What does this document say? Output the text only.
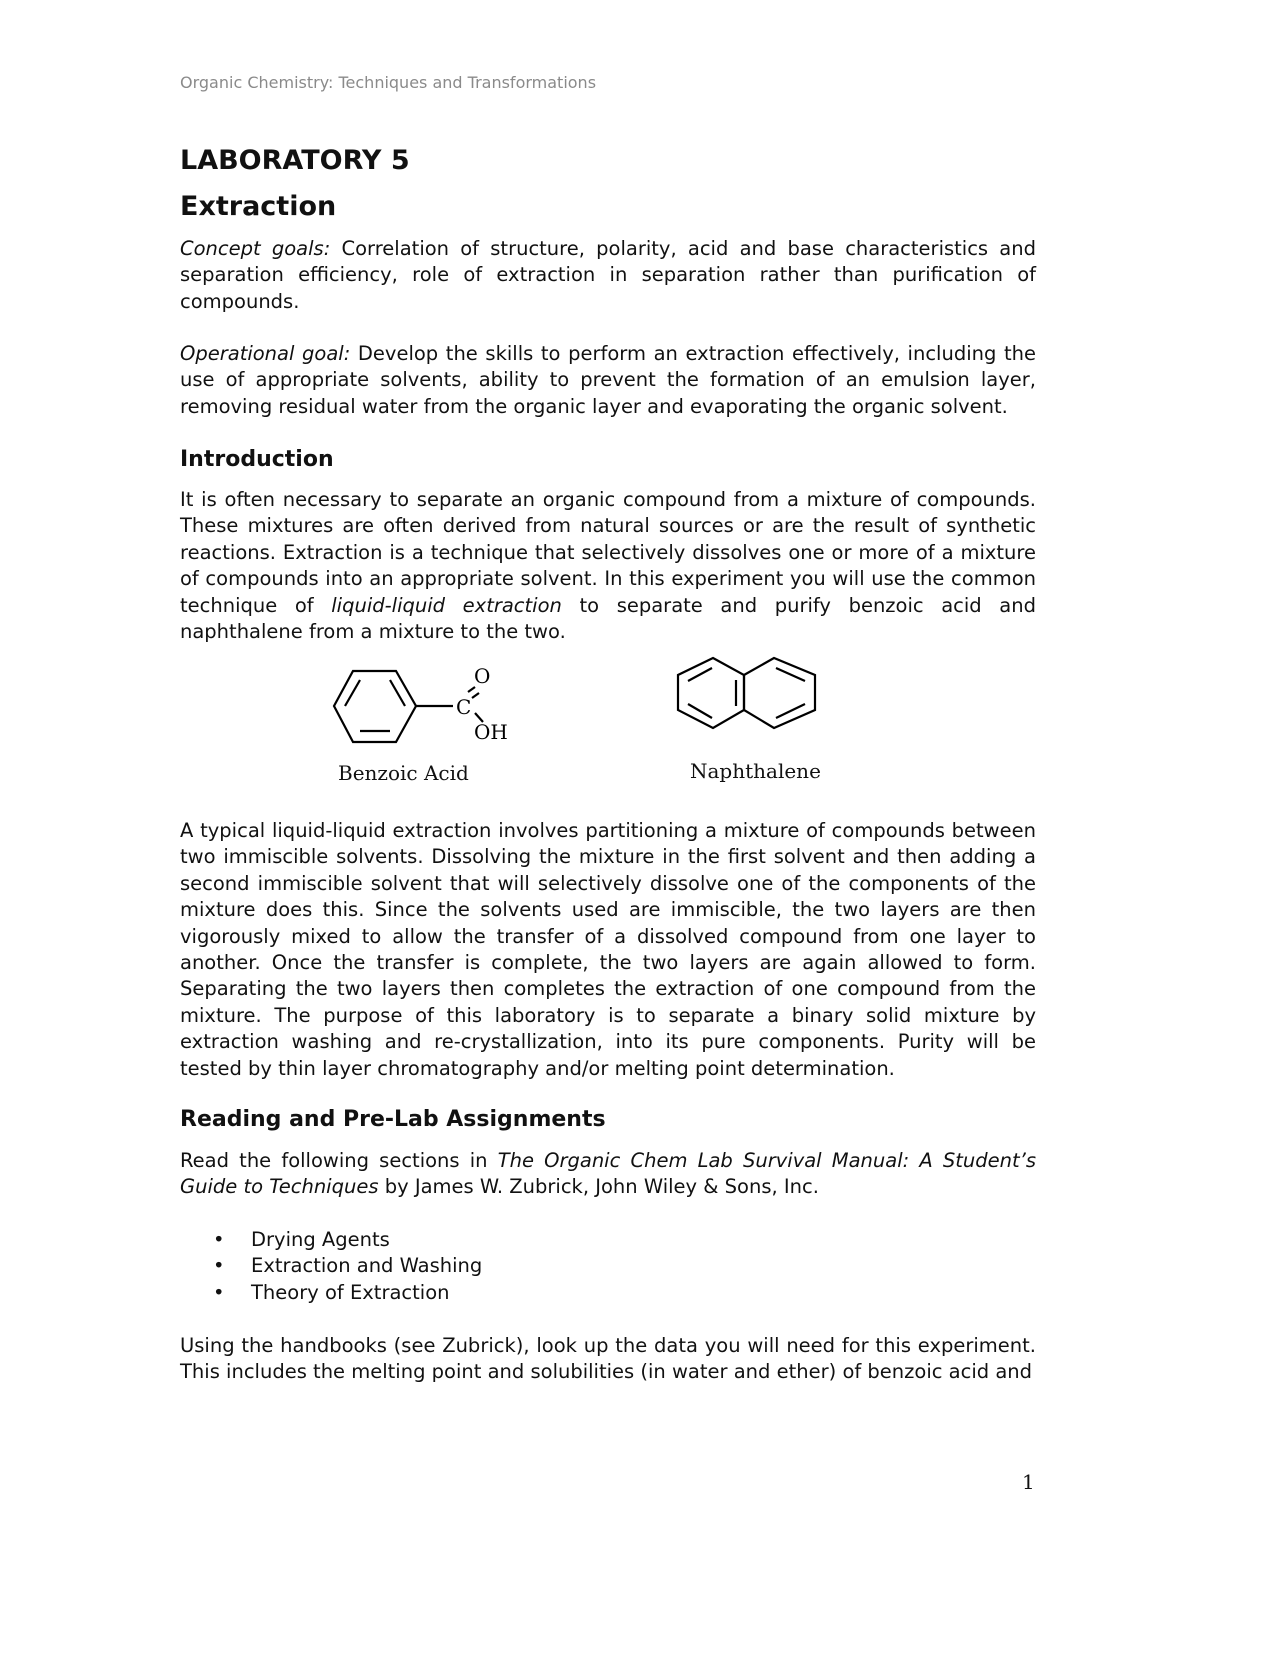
Organic Chemistry: Techniques and Transformations
LABORATORY 5
Extraction

Concept goals: Correlation of structure, polarity, acid and base characteristics and separation efficiency, role of extraction in separation rather than purification of compounds.

Operational goal: Develop the skills to perform an extraction effectively, including the use of appropriate solvents, ability to prevent the formation of an emulsion layer, removing residual water from the organic layer and evaporating the organic solvent.

Introduction

It is often necessary to separate an organic compound from a mixture of compounds. These mixtures are often derived from natural sources or are the result of synthetic reactions. Extraction is a technique that selectively dissolves one or more of a mixture of compounds into an appropriate solvent. In this experiment you will use the common technique of liquid-liquid extraction to separate and purify benzoic acid and naphthalene from a mixture to the two.

C
O
OH
Benzoic Acid	Naphthalene

A typical liquid-liquid extraction involves partitioning a mixture of compounds between two immiscible solvents. Dissolving the mixture in the first solvent and then adding a second immiscible solvent that will selectively dissolve one of the components of the mixture does this. Since the solvents used are immiscible, the two layers are then vigorously mixed to allow the transfer of a dissolved compound from one layer to another. Once the transfer is complete, the two layers are again allowed to form. Separating the two layers then completes the extraction of one compound from the mixture. The purpose of this laboratory is to separate a binary solid mixture by extraction washing and re-crystallization, into its pure components. Purity will be tested by thin layer chromatography and/or melting point determination.

Reading and Pre-Lab Assignments

Read the following sections in The Organic Chem Lab Survival Manual: A Student’s Guide to Techniques by James W. Zubrick, John Wiley & Sons, Inc.

• Drying Agents
• Extraction and Washing
• Theory of Extraction

Using the handbooks (see Zubrick), look up the data you will need for this experiment. This includes the melting point and solubilities (in water and ether) of benzoic acid and

1
